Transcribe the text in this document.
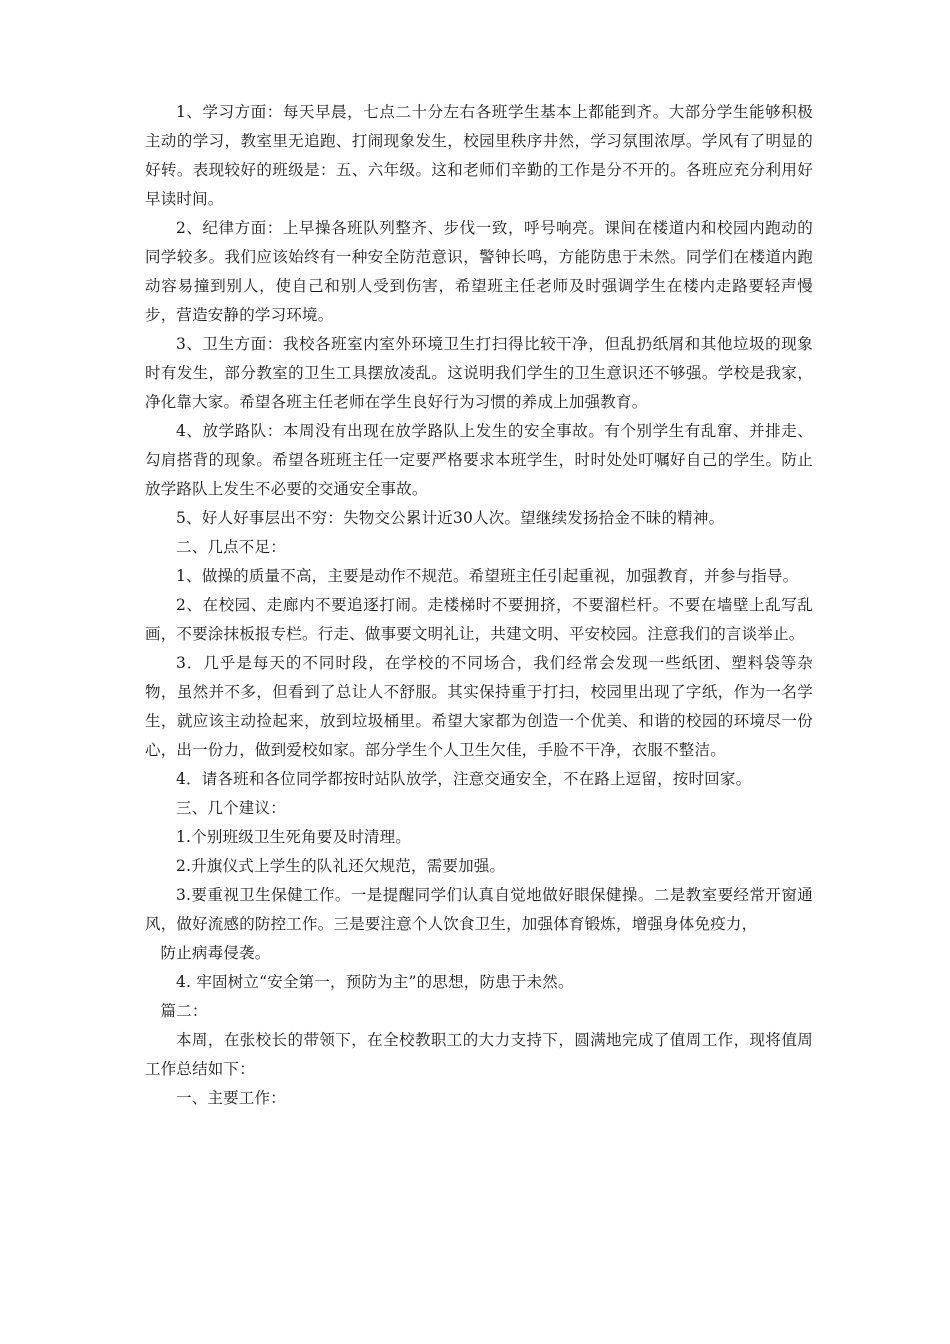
1、学习方面：每天早晨，七点二十分左右各班学生基本上都能到齐。大部分学生能够积极主动的学习，教室里无追跑、打闹现象发生，校园里秩序井然，学习氛围浓厚。学风有了明显的好转。表现较好的班级是：五、六年级。这和老师们辛勤的工作是分不开的。各班应充分利用好早读时间。

2、纪律方面：上早操各班队列整齐、步伐一致，呼号响亮。课间在楼道内和校园内跑动的同学较多。我们应该始终有一种安全防范意识，警钟长鸣，方能防患于未然。同学们在楼道内跑动容易撞到别人，使自己和别人受到伤害，希望班主任老师及时强调学生在楼内走路要轻声慢步，营造安静的学习环境。

3、卫生方面：我校各班室内室外环境卫生打扫得比较干净，但乱扔纸屑和其他垃圾的现象时有发生，部分教室的卫生工具摆放凌乱。这说明我们学生的卫生意识还不够强。学校是我家，净化靠大家。希望各班主任老师在学生良好行为习惯的养成上加强教育。

4、放学路队：本周没有出现在放学路队上发生的安全事故。有个别学生有乱窜、并排走、勾肩搭背的现象。希望各班班主任一定要严格要求本班学生，时时处处叮嘱好自己的学生。防止放学路队上发生不必要的交通安全事故。

5、好人好事层出不穷：失物交公累计近30人次。望继续发扬拾金不昧的精神。

二、几点不足：

1、做操的质量不高，主要是动作不规范。希望班主任引起重视，加强教育，并参与指导。

2、在校园、走廊内不要追逐打闹。走楼梯时不要拥挤，不要溜栏杆。不要在墙壁上乱写乱画，不要涂抹板报专栏。行走、做事要文明礼让，共建文明、平安校园。注意我们的言谈举止。

3．几乎是每天的不同时段，在学校的不同场合，我们经常会发现一些纸团、塑料袋等杂物，虽然并不多，但看到了总让人不舒服。其实保持重于打扫，校园里出现了字纸，作为一名学生，就应该主动捡起来，放到垃圾桶里。希望大家都为创造一个优美、和谐的校园的环境尽一份心，出一份力，做到爱校如家。部分学生个人卫生欠佳，手脸不干净，衣服不整洁。

4．请各班和各位同学都按时站队放学，注意交通安全，不在路上逗留，按时回家。

三、几个建议：

1.个别班级卫生死角要及时清理。

2.升旗仪式上学生的队礼还欠规范，需要加强。

3.要重视卫生保健工作。一是提醒同学们认真自觉地做好眼保健操。二是教室要经常开窗通风，做好流感的防控工作。三是要注意个人饮食卫生，加强体育锻炼，增强身体免疫力，

防止病毒侵袭。

4. 牢固树立“安全第一，预防为主”的思想，防患于未然。

篇二：

本周，在张校长的带领下，在全校教职工的大力支持下，圆满地完成了值周工作，现将值周工作总结如下：

一、主要工作：
